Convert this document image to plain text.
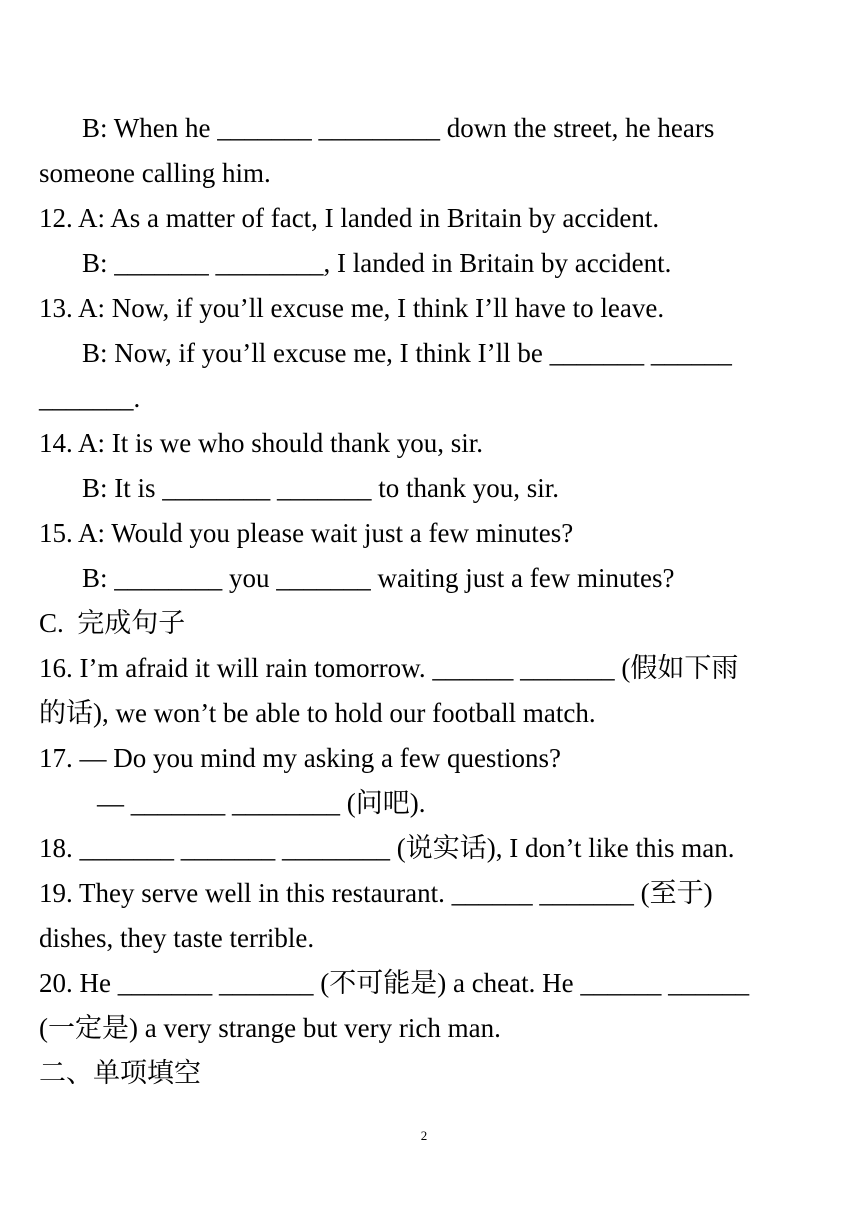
B: When he _______ _________ down the street, he hears
someone calling him.
12. A: As a matter of fact, I landed in Britain by accident.
B: _______ ________, I landed in Britain by accident.
13. A: Now, if you’ll excuse me, I think I’ll have to leave.
B: Now, if you’ll excuse me, I think I’ll be _______ ______
_______.
14. A: It is we who should thank you, sir.
B: It is ________ _______ to thank you, sir.
15. A: Would you please wait just a few minutes?
B: ________ you _______ waiting just a few minutes?
C.  完成句子
16. I’m afraid it will rain tomorrow. ______ _______ (假如下雨
的话), we won’t be able to hold our football match.
17. — Do you mind my asking a few questions?
— _______ ________ (问吧).
18. _______ _______ ________ (说实话), I don’t like this man.
19. They serve well in this restaurant. ______ _______ (至于)
dishes, they taste terrible.
20. He _______ _______ (不可能是) a cheat. He ______ ______
(一定是) a very strange but very rich man.
二、单项填空
2
